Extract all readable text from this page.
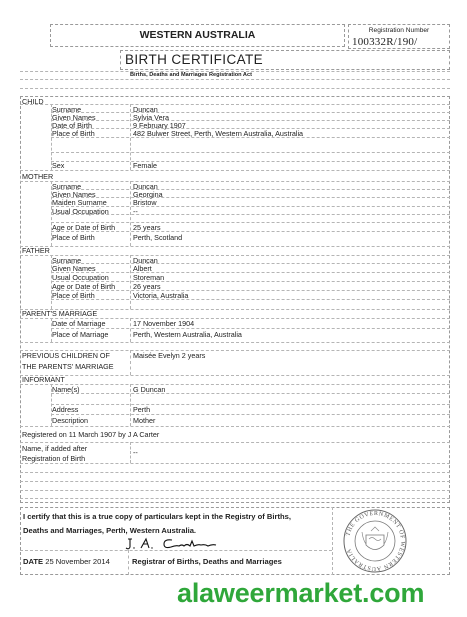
WESTERN AUSTRALIA	Registration Number
100332R/190/
BIRTH CERTIFICATE
Births, Deaths and Marriages Registration Act
CHILD
Surname	Duncan
Given Names	Sylvia Vera
Date of Birth	9 February 1907
Place of Birth	482 Bulwer Street, Perth, Western Australia, Australia
Sex	Female
MOTHER
Surname	Duncan
Given Names	Georgina
Maiden Surname	Bristow
Usual Occupation	--
Age or Date of Birth 25 years
Place of Birth	Perth, Scotland
FATHER
Surname	Duncan
Given Names	Albert
Usual Occupation	Storeman
Age or Date of Birth 26 years
Place of Birth	Victoria, Australia
PARENT'S MARRIAGE
Date of Marriage	17 November 1904
Place of Marriage	Perth, Western Australia, Australia
PREVIOUS CHILDREN OF
THE PARENTS' MARRIAGE
Maisée Evelyn 2 years
INFORMANT
Name(s)	G Duncan
Address	Perth
Description	Mother
Registered on 11 March 1907 by J A Carter
Name, if added after
Registration of Birth
--
I certify that this is a true copy of particulars kept in the Registry of Births,
Deaths and Marriages, Perth, Western Australia.
DATE 25 November 2014	Registrar of Births, Deaths and Marriages
THE GOVERNMENT OF WESTERN AUSTRALIA
alaweermarket.com
